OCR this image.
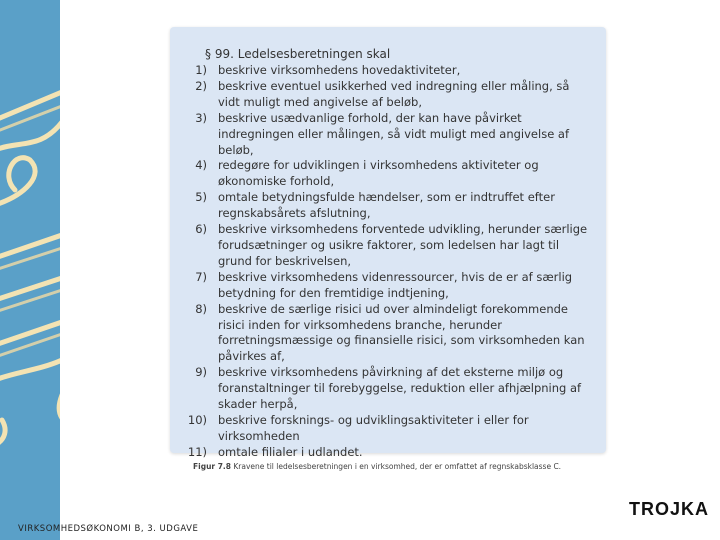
§ 99. Ledelsesberetningen skal
1) beskrive virksomhedens hovedaktiviteter,
2) beskrive eventuel usikkerhed ved indregning eller måling, så vidt muligt med angivelse af beløb,
3) beskrive usædvanlige forhold, der kan have påvirket indregningen eller målingen, så vidt muligt med angivelse af beløb,
4) redegøre for udviklingen i virksomhedens aktiviteter og økonomiske forhold,
5) omtale betydningsfulde hændelser, som er indtruffet efter regnskabsårets afslutning,
6) beskrive virksomhedens forventede udvikling, herunder særlige forudsætninger og usikre faktorer, som ledelsen har lagt til grund for beskrivelsen,
7) beskrive virksomhedens videnressourcer, hvis de er af særlig betydning for den fremtidige indtjening,
8) beskrive de særlige risici ud over almindeligt forekommende risici inden for virksomhedens branche, herunder forretningsmæssige og finansielle risici, som virksomheden kan påvirkes af,
9) beskrive virksomhedens påvirkning af det eksterne miljø og foranstaltninger til forebyggelse, reduktion eller afhjælpning af skader herpå,
10) beskrive forsknings- og udviklingsaktiviteter i eller for virksomheden
11) omtale filialer i udlandet.
Figur 7.8 Kravene til ledelsesberetningen i en virksomhed, der er omfattet af regnskabsklasse C.
TROJKA
VIRKSOMHEDSØKONOMI B, 3. UDGAVE
